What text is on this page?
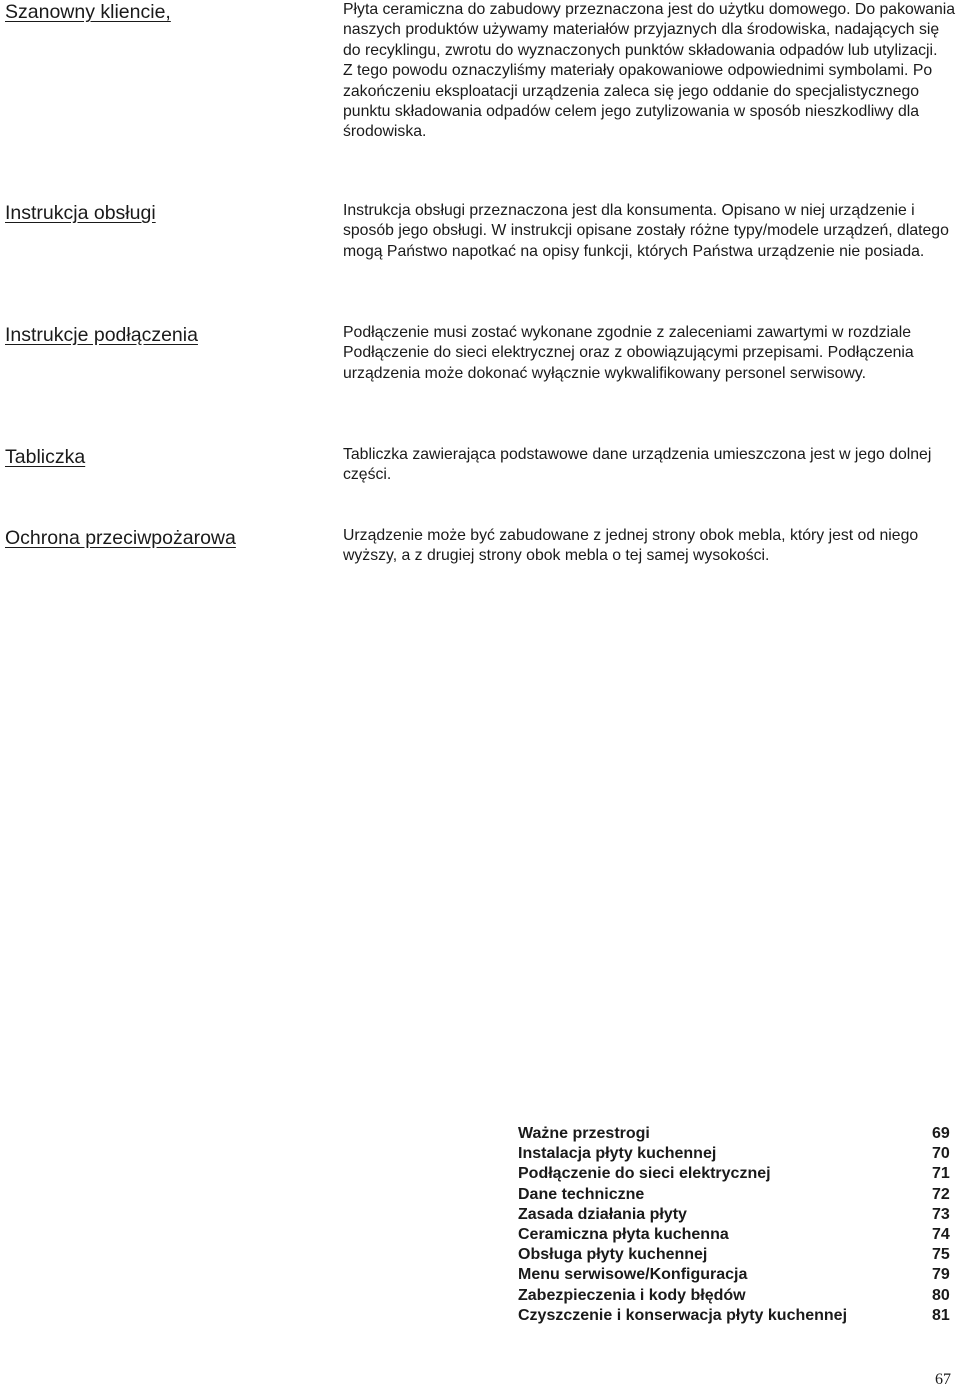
Szanowny kliencie,	Płyta ceramiczna do zabudowy przeznaczona jest do użytku domowego. Do pakowania naszych produktów używamy materiałów przyjaznych dla środowiska, nadających się do recyklingu, zwrotu do wyznaczonych punktów składowania odpadów lub utylizacji.

Z tego powodu oznaczyliśmy materiały opakowaniowe odpowiednimi symbolami. Po zakończeniu eksploatacji urządzenia zaleca się jego oddanie do specjalistycznego punktu składowania odpadów celem jego zutylizowania w sposób nieszkodliwy dla środowiska.

Instrukcja obsługi	Instrukcja obsługi przeznaczona jest dla konsumenta. Opisano w niej urządzenie i sposób jego obsługi. W instrukcji opisane zostały różne typy/modele urządzeń, dlatego mogą Państwo napotkać na opisy funkcji, których Państwa urządzenie nie posiada.

Instrukcje podłączenia	Podłączenie musi zostać wykonane zgodnie z zaleceniami zawartymi w rozdziale Podłączenie do sieci elektrycznej oraz z obowiązującymi przepisami. Podłączenia urządzenia może dokonać wyłącznie wykwalifikowany personel serwisowy.

Tabliczka	Tabliczka zawierająca podstawowe dane urządzenia umieszczona jest w jego dolnej części.

Ochrona przeciwpożarowa	Urządzenie może być zabudowane z jednej strony obok mebla, który jest od niego wyższy, a z drugiej strony obok mebla o tej samej wysokości.

Ważne przestrogi	69
Instalacja płyty kuchennej	70
Podłączenie do sieci elektrycznej	71
Dane techniczne	72
Zasada działania płyty	73
Ceramiczna płyta kuchenna	74
Obsługa płyty kuchennej	75
Menu serwisowe/Konfiguracja	79
Zabezpieczenia i kody błędów	80
Czyszczenie i konserwacja płyty kuchennej	81
67
